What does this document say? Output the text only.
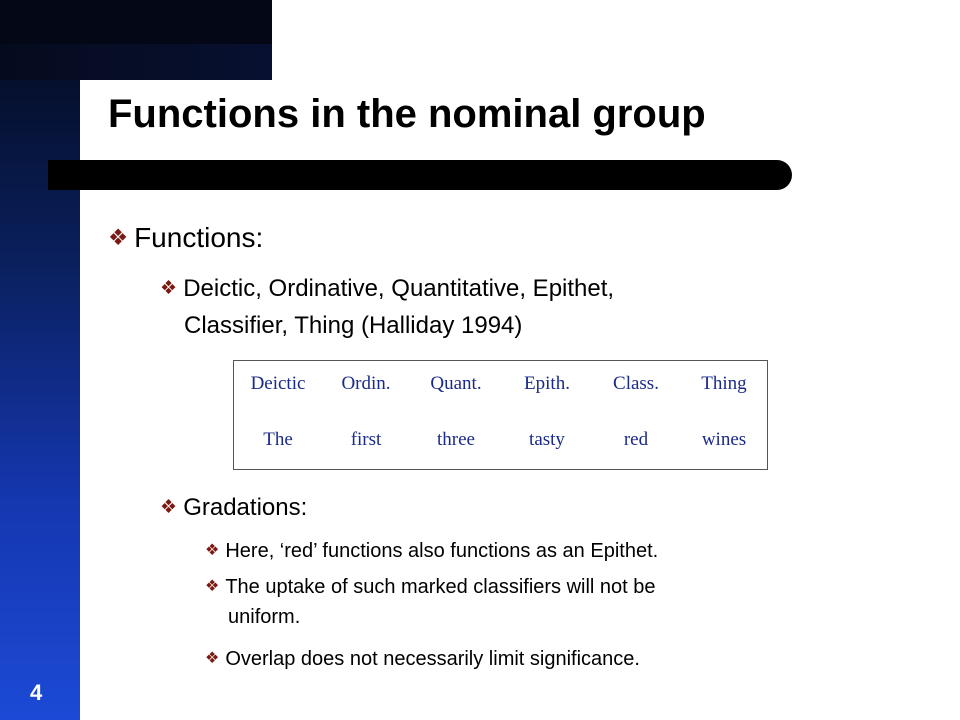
Functions in the nominal group
❖ Functions:
❖ Deictic, Ordinative, Quantitative, Epithet,
Classifier, Thing (Halliday 1994)
Deictic	Ordin.	Quant.	Epith.	Class.	Thing
The	first	three	tasty	red	wines
❖ Gradations:
❖ Here, ‘red’ functions also functions as an Epithet.
❖ The uptake of such marked classifiers will not be
uniform.
❖ Overlap does not necessarily limit significance.
4
